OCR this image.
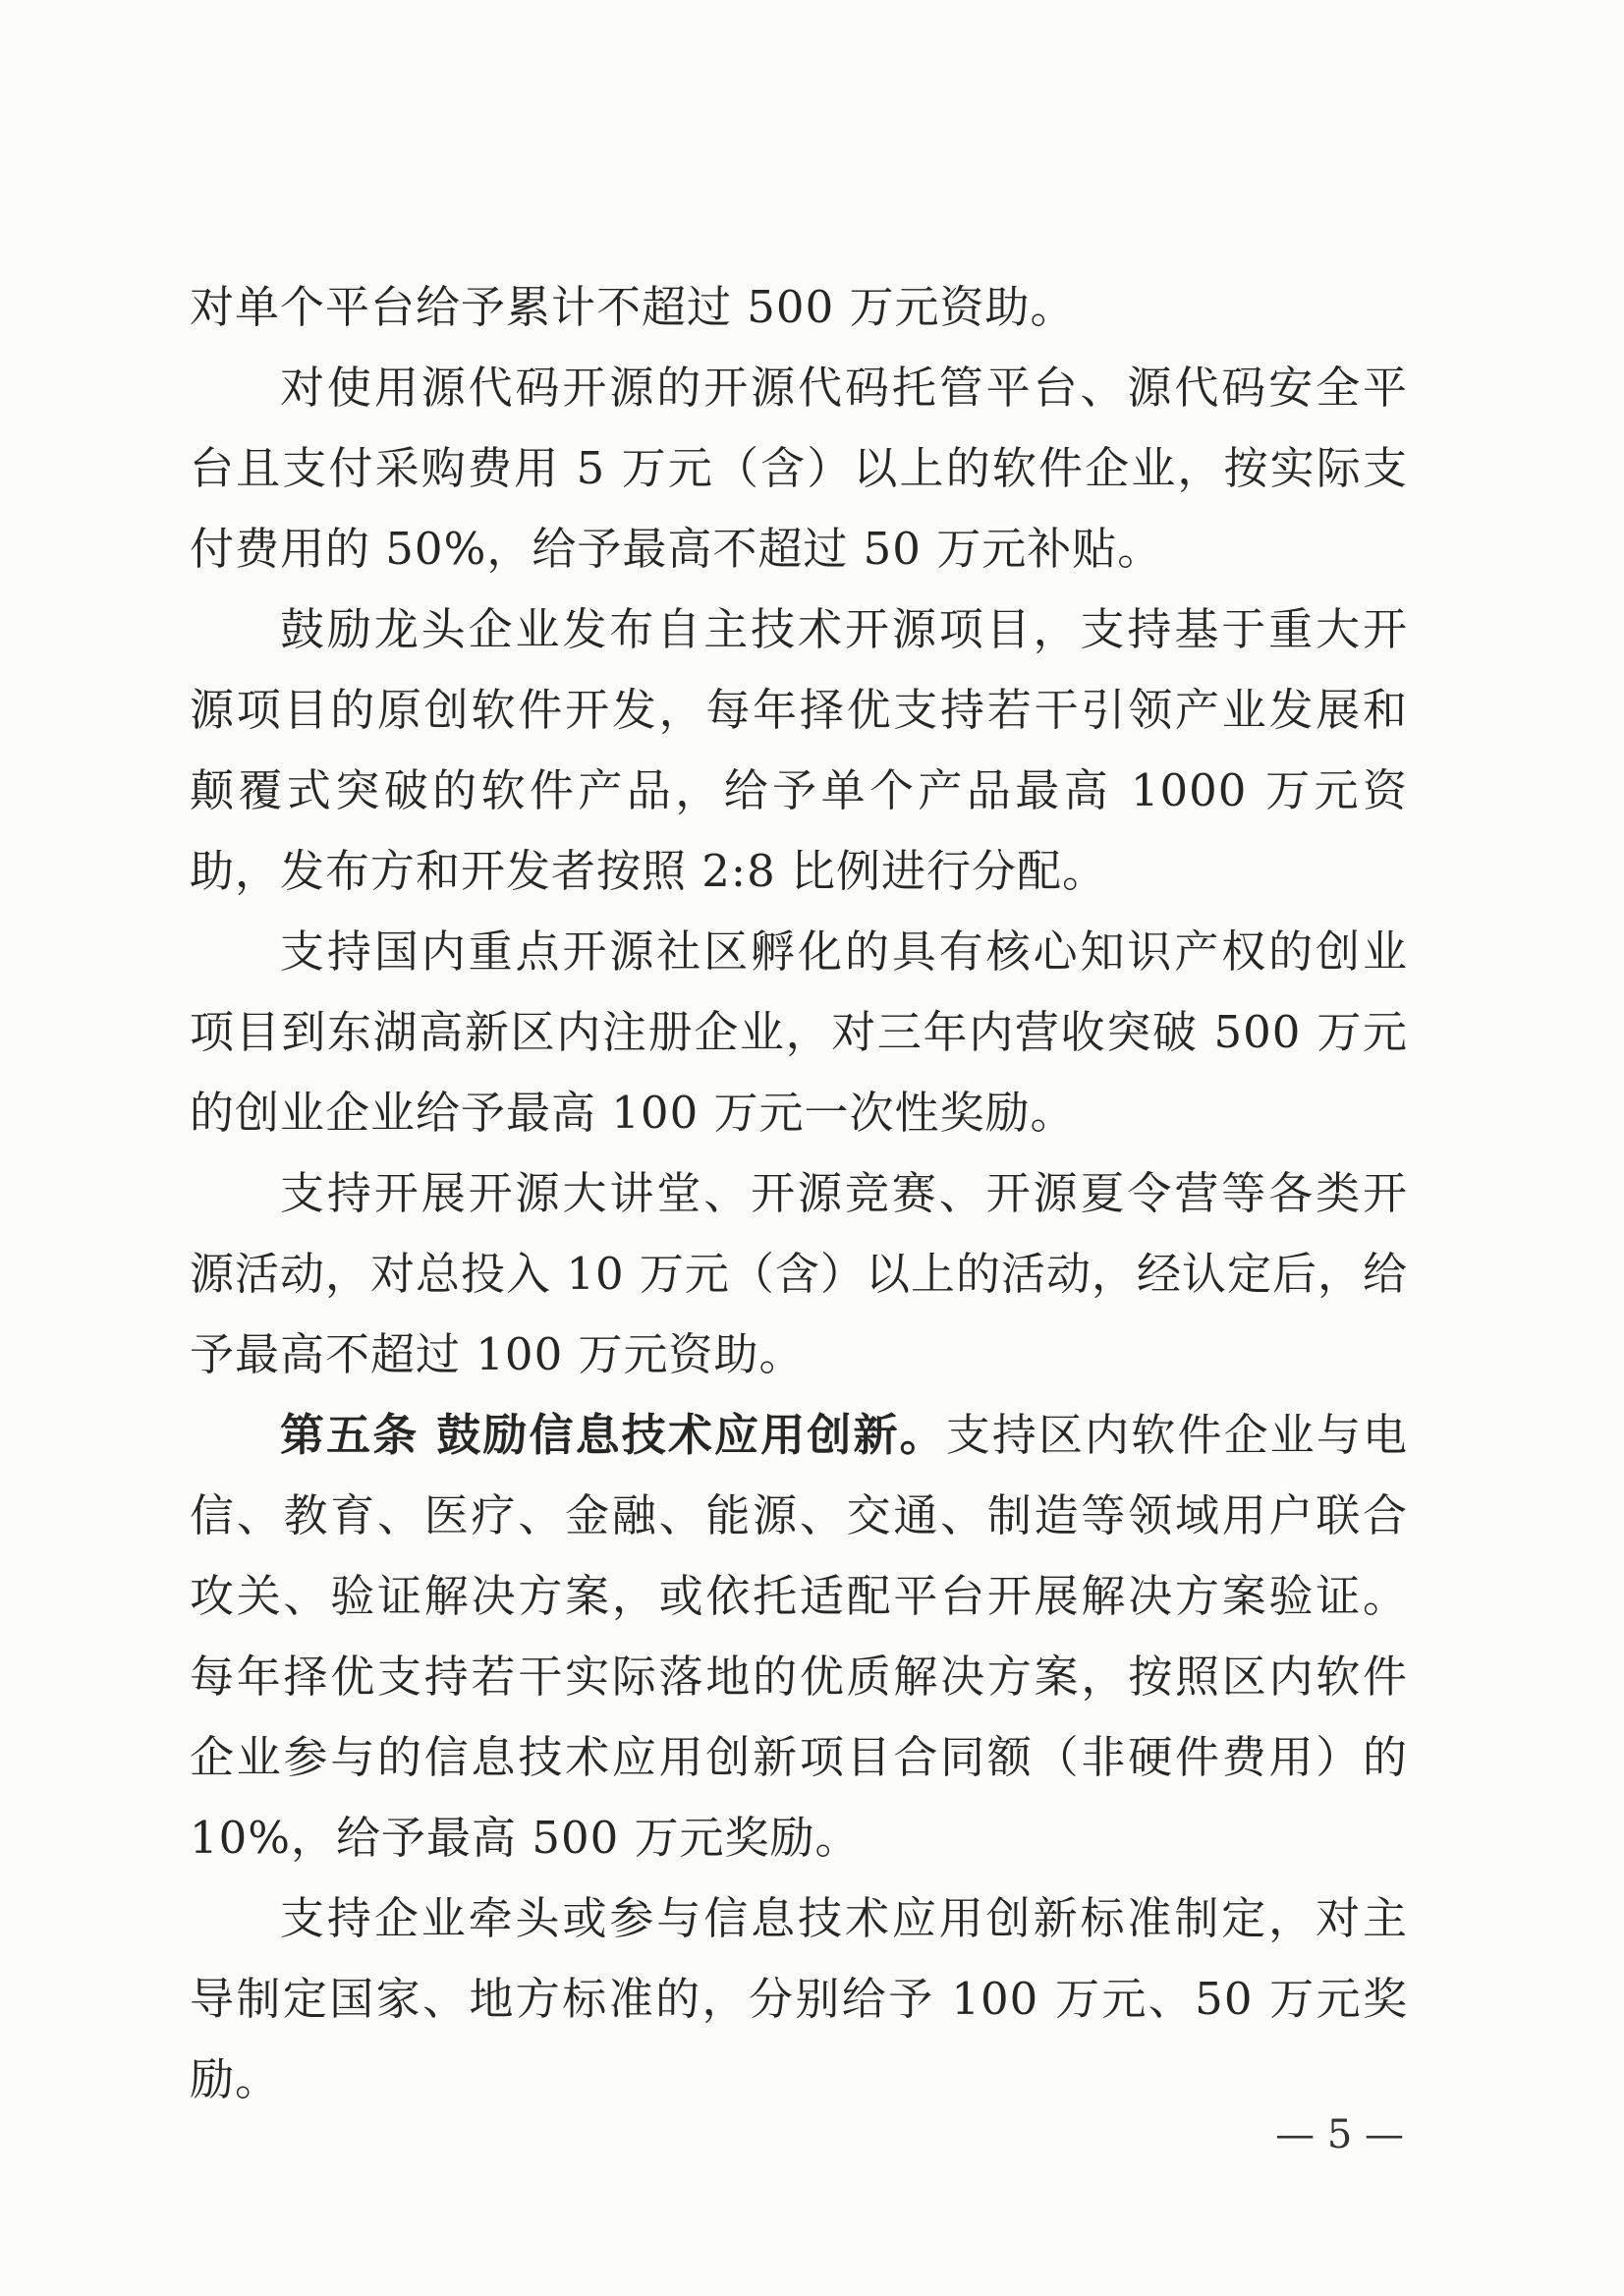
对单个平台给予累计不超过 500 万元资助。

对使用源代码开源的开源代码托管平台、源代码安全平台且支付采购费用 5 万元（含）以上的软件企业，按实际支付费用的 50%，给予最高不超过 50 万元补贴。

鼓励龙头企业发布自主技术开源项目，支持基于重大开源项目的原创软件开发，每年择优支持若干引领产业发展和颠覆式突破的软件产品，给予单个产品最高 1000 万元资助，发布方和开发者按照 2:8 比例进行分配。

支持国内重点开源社区孵化的具有核心知识产权的创业项目到东湖高新区内注册企业，对三年内营收突破 500 万元的创业企业给予最高 100 万元一次性奖励。

支持开展开源大讲堂、开源竞赛、开源夏令营等各类开源活动，对总投入 10 万元（含）以上的活动，经认定后，给予最高不超过 100 万元资助。

第五条 鼓励信息技术应用创新。支持区内软件企业与电信、教育、医疗、金融、能源、交通、制造等领域用户联合攻关、验证解决方案，或依托适配平台开展解决方案验证。每年择优支持若干实际落地的优质解决方案，按照区内软件企业参与的信息技术应用创新项目合同额（非硬件费用）的 10%，给予最高 500 万元奖励。

支持企业牵头或参与信息技术应用创新标准制定，对主导制定国家、地方标准的，分别给予 100 万元、50 万元奖励。

— 5 —
